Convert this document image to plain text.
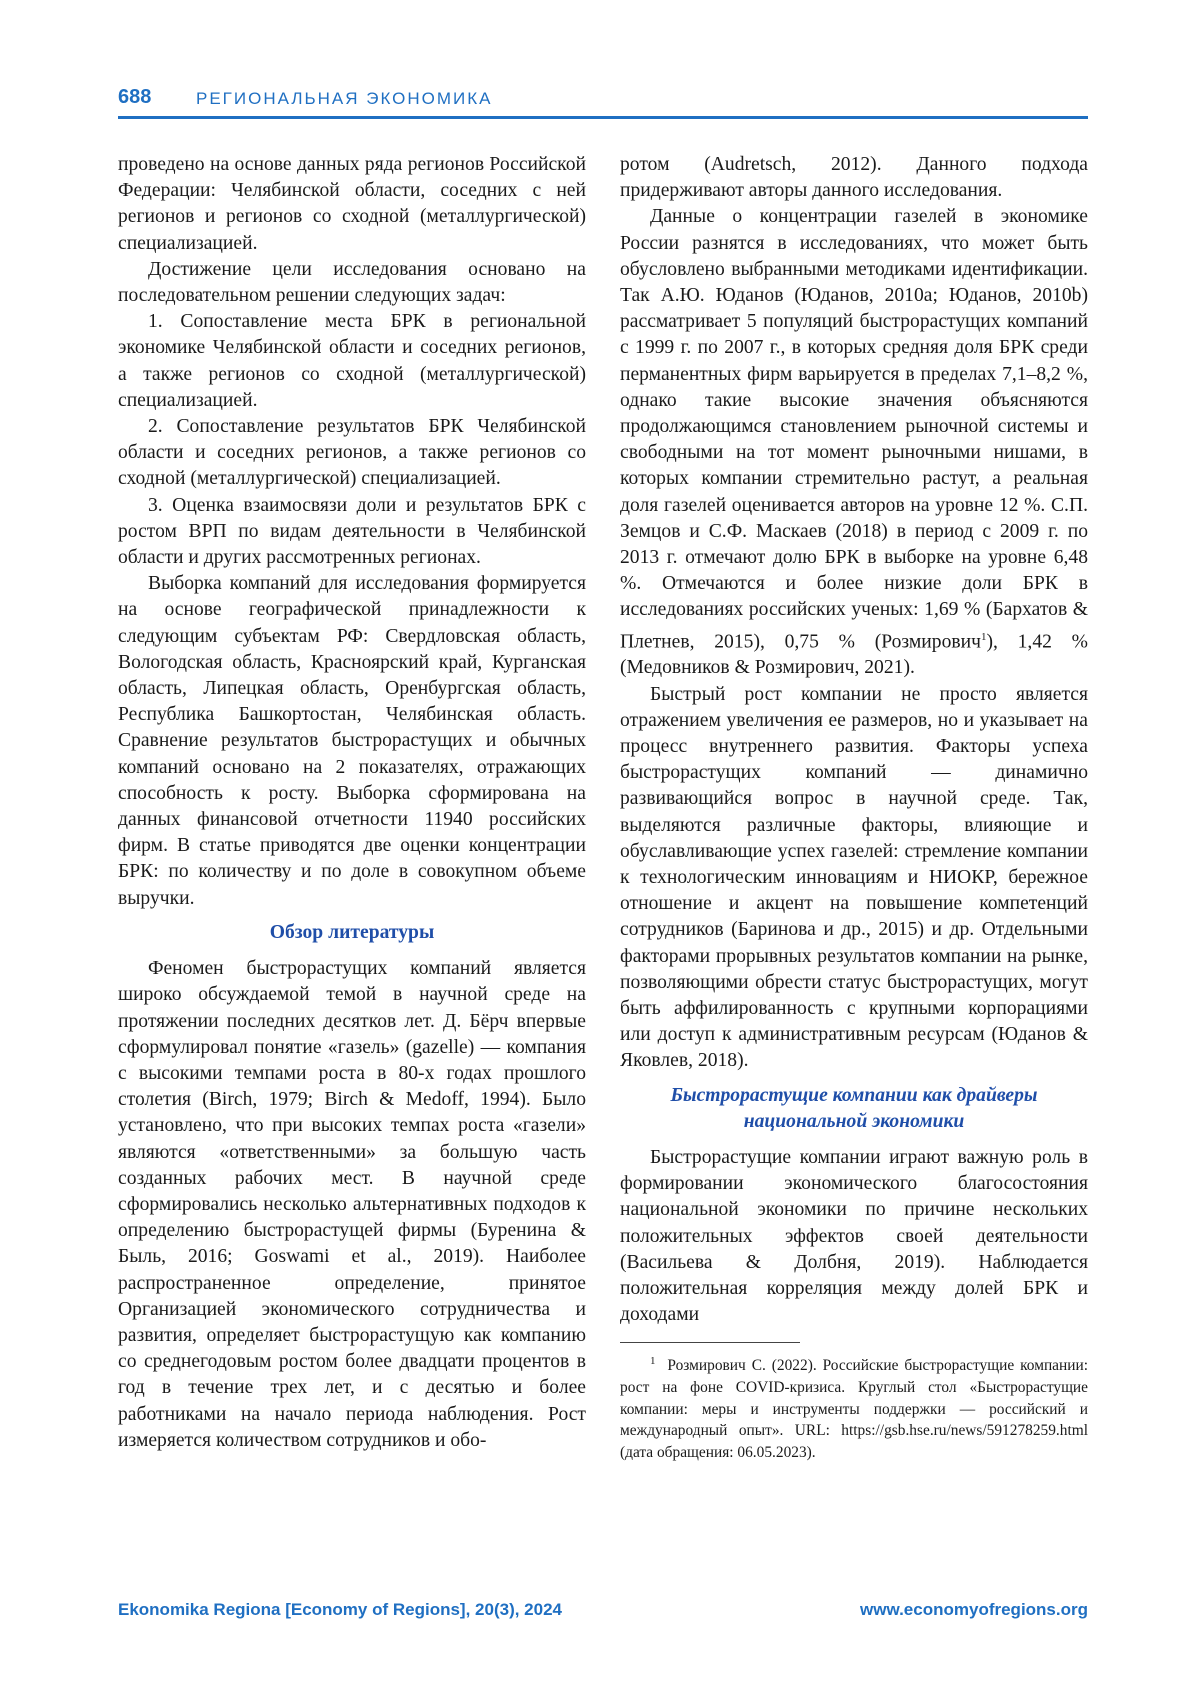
688	РЕГИОНАЛЬНАЯ ЭКОНОМИКА

проведено на основе данных ряда регионов Российской Федерации: Челябинской области, соседних с ней регионов и регионов со сходной (металлургической) специализацией.

Достижение цели исследования основано на последовательном решении следующих задач:

1. Сопоставление места БРК в региональной экономике Челябинской области и соседних регионов, а также регионов со сходной (металлургической) специализацией.

2. Сопоставление результатов БРК Челябинской области и соседних регионов, а также регионов со сходной (металлургической) специализацией.

3. Оценка взаимосвязи доли и результатов БРК с ростом ВРП по видам деятельности в Челябинской области и других рассмотренных регионах.

Выборка компаний для исследования формируется на основе географической принадлежности к следующим субъектам РФ: Свердловская область, Вологодская область, Красноярский край, Курганская область, Липецкая область, Оренбургская область, Республика Башкортостан, Челябинская область. Сравнение результатов быстрорастущих и обычных компаний основано на 2 показателях, отражающих способность к росту. Выборка сформирована на данных финансовой отчетности 11940 российских фирм. В статье приводятся две оценки концентрации БРК: по количеству и по доле в совокупном объеме выручки.

Обзор литературы

Феномен быстрорастущих компаний является широко обсуждаемой темой в научной среде на протяжении последних десятков лет. Д. Бёрч впервые сформулировал понятие «газель» (gazelle) — компания с высокими темпами роста в 80-х годах прошлого столетия (Birch, 1979; Birch & Medoff, 1994). Было установлено, что при высоких темпах роста «газели» являются «ответственными» за большую часть созданных рабочих мест. В научной среде сформировались несколько альтернативных подходов к определению быстрорастущей фирмы (Буренина & Быль, 2016; Goswami et al., 2019). Наиболее распространенное определение, принятое Организацией экономического сотрудничества и развития, определяет быстрорастущую как компанию со среднегодовым ростом более двадцати процентов в год в течение трех лет, и с десятью и более работниками на начало периода наблюдения. Рост измеряется количеством сотрудников и обо-

ротом (Audretsch, 2012). Данного подхода придерживают авторы данного исследования.

Данные о концентрации газелей в экономике России разнятся в исследованиях, что может быть обусловлено выбранными методиками идентификации. Так А.Ю. Юданов (Юданов, 2010a; Юданов, 2010b) рассматривает 5 популяций быстрорастущих компаний с 1999 г. по 2007 г., в которых средняя доля БРК среди перманентных фирм варьируется в пределах 7,1–8,2 %, однако такие высокие значения объясняются продолжающимся становлением рыночной системы и свободными на тот момент рыночными нишами, в которых компании стремительно растут, а реальная доля газелей оценивается авторов на уровне 12 %. С.П. Земцов и С.Ф. Маскаев (2018) в период с 2009 г. по 2013 г. отмечают долю БРК в выборке на уровне 6,48 %. Отмечаются и более низкие доли БРК в исследованиях российских ученых: 1,69 % (Бархатов & Плетнев, 2015), 0,75 % (Розмирович$^1$), 1,42 % (Медовников & Розмирович, 2021).

Быстрый рост компании не просто является отражением увеличения ее размеров, но и указывает на процесс внутреннего развития. Факторы успеха быстрорастущих компаний — динамично развивающийся вопрос в научной среде. Так, выделяются различные факторы, влияющие и обуславливающие успех газелей: стремление компании к технологическим инновациям и НИОКР, бережное отношение и акцент на повышение компетенций сотрудников (Баринова и др., 2015) и др. Отдельными факторами прорывных результатов компании на рынке, позволяющими обрести статус быстрорастущих, могут быть аффилированность с крупными корпорациями или доступ к административным ресурсам (Юданов & Яковлев, 2018).

Быстрорастущие компании как драйверы национальной экономики

Быстрорастущие компании играют важную роль в формировании экономического благосостояния национальной экономики по причине нескольких положительных эффектов своей деятельности (Васильева & Долбня, 2019). Наблюдается положительная корреляция между долей БРК и доходами

$^1$ Розмирович С. (2022). Российские быстрорастущие компании: рост на фоне COVID-кризиса. Круглый стол «Быстрорастущие компании: меры и инструменты поддержки — российский и международный опыт». URL: https://gsb.hse.ru/news/591278259.html (дата обращения: 06.05.2023).

Ekonomika Regiona [Economy of Regions], 20(3), 2024	www.economyofregions.org
